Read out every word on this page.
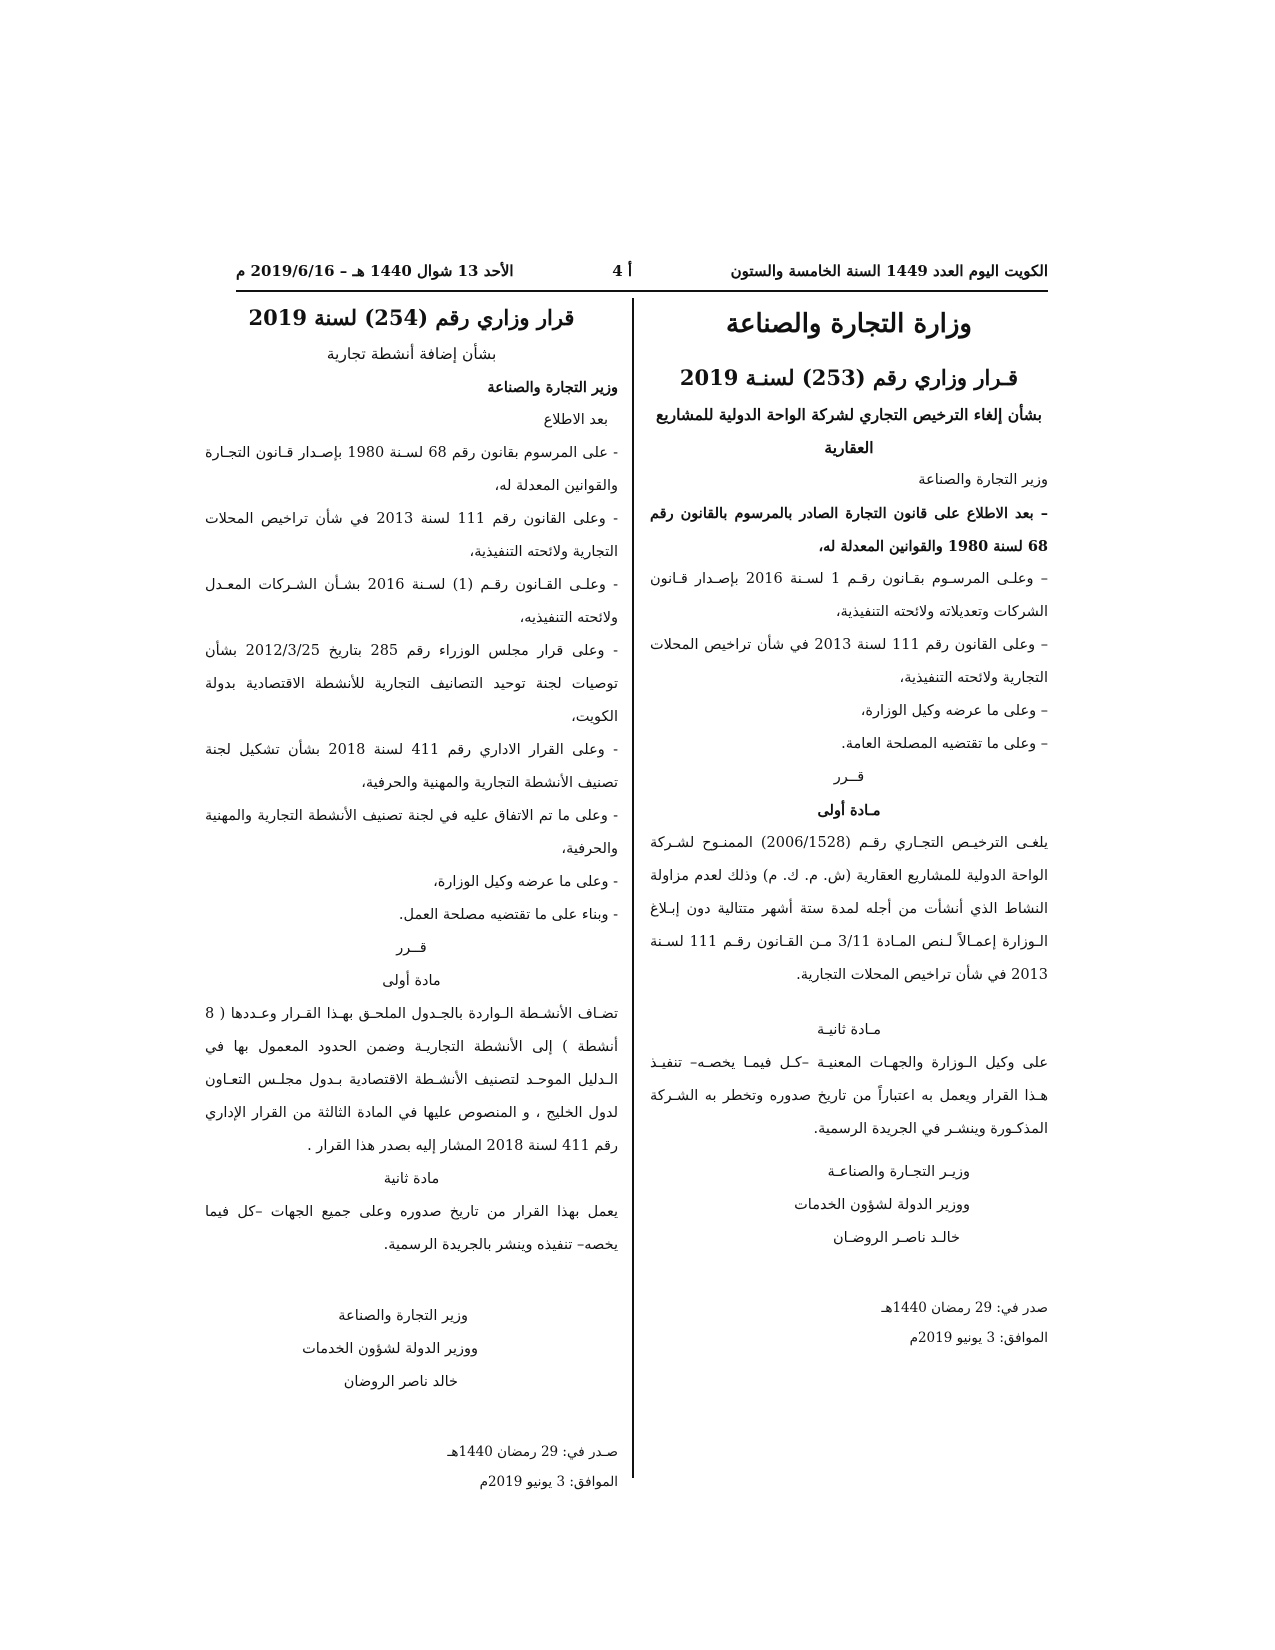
الكويت اليوم العدد 1449 السنة الخامسة والستون
أ 4
الأحد 13 شوال 1440 هـ – 2019/6/16 م

وزارة التجارة والصناعة

قـرار وزاري رقم (253) لسنـة 2019

بشأن إلغاء الترخيص التجاري لشركة الواحة الدولية للمشاريع

العقارية

وزير التجارة والصناعة

– بعد الاطلاع على قانون التجارة الصادر بالمرسوم بالقانون رقم 68 لسنة 1980 والقوانين المعدلة له،

– وعلـى المرسـوم بقـانون رقـم 1 لسـنة 2016 بإصـدار قـانون الشركات وتعديلاته ولائحته التنفيذية،

– وعلى القانون رقم 111 لسنة 2013 في شأن تراخيص المحلات التجارية ولائحته التنفيذية،

– وعلى ما عرضه وكيل الوزارة،

– وعلى ما تقتضيه المصلحة العامة.

قــرر

مـادة أولى

يلغـى الترخيـص التجـاري رقـم (2006/1528) الممنـوح لشـركة الواحة الدولية للمشاريع العقارية (ش. م. ك. م) وذلك لعدم مزاولة النشاط الذي أنشأت من أجله لمدة ستة أشهر متتالية دون إبـلاغ الـوزارة إعمـالاً لـنص المـادة 3/11 مـن القـانون رقـم 111 لسـنة 2013 في شأن تراخيص المحلات التجارية.

مـادة ثانيـة

على وكيل الـوزارة والجهـات المعنيـة –كـل فيمـا يخصـه– تنفيـذ هـذا القرار ويعمل به اعتباراً من تاريخ صدوره وتخطر به الشـركة المذكـورة وينشـر في الجريدة الرسمية.

وزيـر التجـارة والصناعـة

ووزير الدولة لشؤون الخدمات

خالـد ناصـر الروضـان

صدر في: 29 رمضان 1440هـ

الموافق: 3 يونيو 2019م

قرار وزاري رقم (254) لسنة 2019

بشأن إضافة أنشطة تجارية

وزير التجارة والصناعة

بعد الاطلاع

- على المرسوم بقانون رقم 68 لسـنة 1980 بإصـدار قـانون التجـارة والقوانين المعدلة له،

- وعلى القانون رقم 111 لسنة 2013 في شأن تراخيص المحلات التجارية ولائحته التنفيذية،

- وعلـى القـانون رقـم (1) لسـنة 2016 بشـأن الشـركات المعـدل ولائحته التنفيذيه،

- وعلى قرار مجلس الوزراء رقم 285 بتاريخ 2012/3/25 بشأن توصيات لجنة توحيد التصانيف التجارية للأنشطة الاقتصادية بدولة الكويت،

- وعلى القرار الاداري رقم 411 لسنة 2018 بشأن تشكيل لجنة تصنيف الأنشطة التجارية والمهنية والحرفية،

- وعلى ما تم الاتفاق عليه في لجنة تصنيف الأنشطة التجارية والمهنية والحرفية،

- وعلى ما عرضه وكيل الوزارة،

- وبناء على ما تقتضيه مصلحة العمل.

قــرر

مادة أولى

تضـاف الأنشـطة الـواردة بالجـدول الملحـق بهـذا القـرار وعـددها ( 8 أنشطة ) إلى الأنشطة التجاريـة وضمن الحدود المعمول بها في الـدليل الموحـد لتصنيف الأنشـطة الاقتصادية بـدول مجلـس التعـاون لدول الخليج ، و المنصوص عليها في المادة الثالثة من القرار الإداري رقم 411 لسنة 2018 المشار إليه بصدر هذا القرار .

مادة ثانية

يعمل بهذا القرار من تاريخ صدوره وعلى جميع الجهات –كل فيما يخصه– تنفيذه وينشر بالجريدة الرسمية.

وزير التجارة والصناعة

ووزير الدولة لشؤون الخدمات

خالد ناصر الروضان

صـدر في: 29 رمضان 1440هـ

الموافق: 3 يونيو 2019م
